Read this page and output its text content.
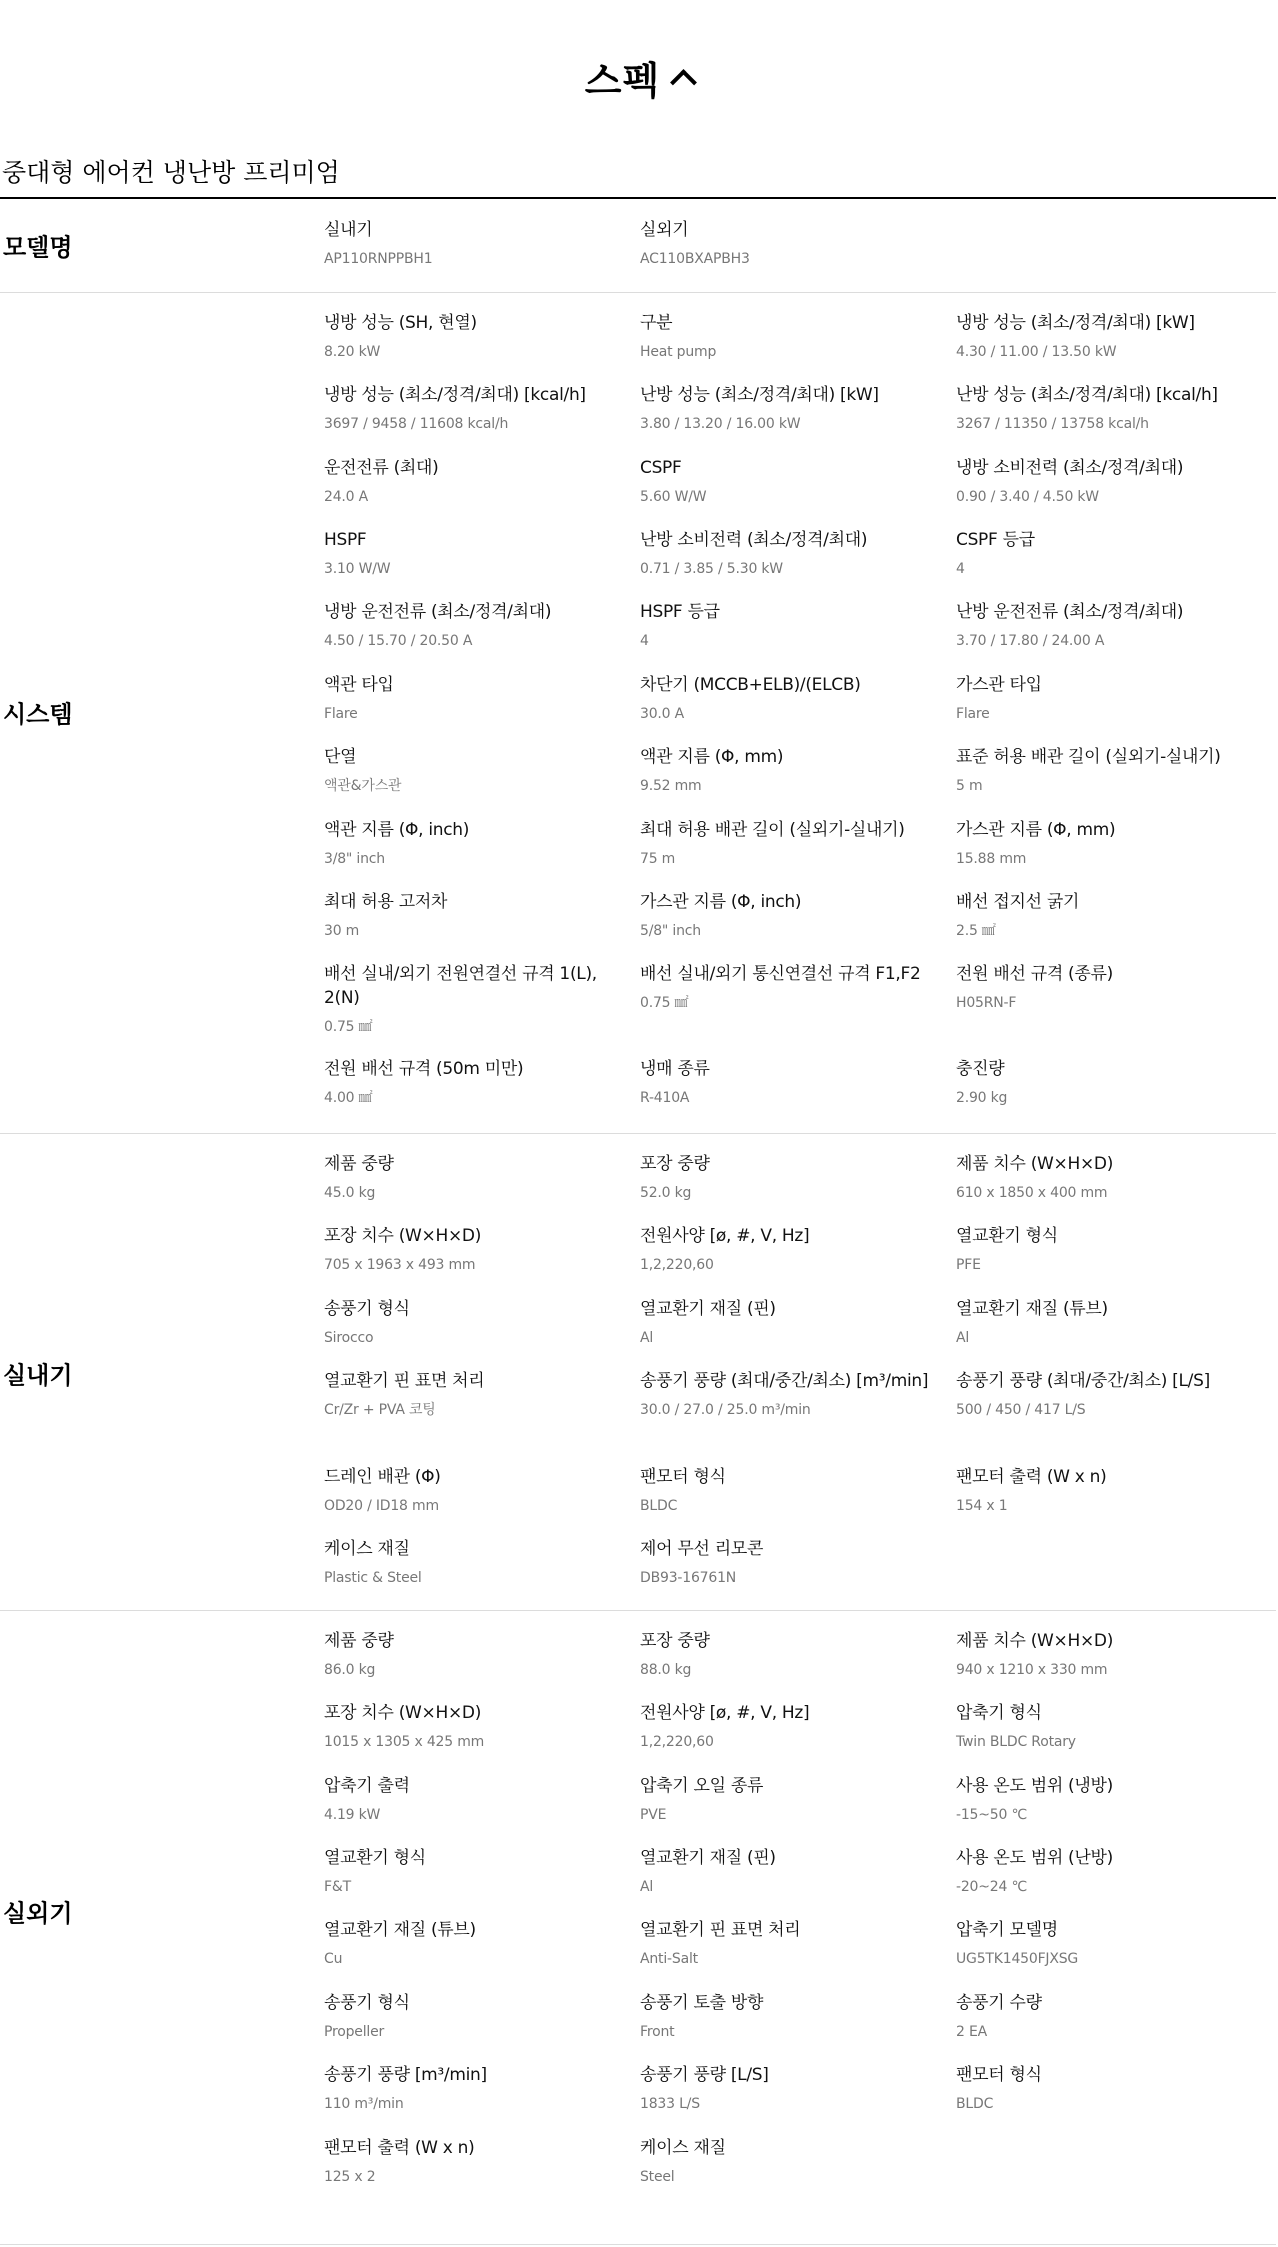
스펙
중대형 에어컨 냉난방 프리미엄
모델명
실내기
AP110RNPPBH1
실외기
AC110BXAPBH3
시스템
냉방 성능 (SH, 현열)
8.20 kW
구분
Heat pump
냉방 성능 (최소/정격/최대) [kW]
4.30 / 11.00 / 13.50 kW
냉방 성능 (최소/정격/최대) [kcal/h]
3697 / 9458 / 11608 kcal/h
난방 성능 (최소/정격/최대) [kW]
3.80 / 13.20 / 16.00 kW
난방 성능 (최소/정격/최대) [kcal/h]
3267 / 11350 / 13758 kcal/h
운전전류 (최대)
24.0 A
CSPF
5.60 W/W
냉방 소비전력 (최소/정격/최대)
0.90 / 3.40 / 4.50 kW
HSPF
3.10 W/W
난방 소비전력 (최소/정격/최대)
0.71 / 3.85 / 5.30 kW
CSPF 등급
4
냉방 운전전류 (최소/정격/최대)
4.50 / 15.70 / 20.50 A
HSPF 등급
4
난방 운전전류 (최소/정격/최대)
3.70 / 17.80 / 24.00 A
액관 타입
Flare
차단기 (MCCB+ELB)/(ELCB)
30.0 A
가스관 타입
Flare
단열
액관&가스관
액관 지름 (Φ, mm)
9.52 mm
표준 허용 배관 길이 (실외기-실내기)
5 m
액관 지름 (Φ, inch)
3/8" inch
최대 허용 배관 길이 (실외기-실내기)
75 m
가스관 지름 (Φ, mm)
15.88 mm
최대 허용 고저차
30 m
가스관 지름 (Φ, inch)
5/8" inch
배선 접지선 굵기
2.5 ㎟
배선 실내/외기 전원연결선 규격 1(L), 2(N)
0.75 ㎟
배선 실내/외기 통신연결선 규격 F1,F2
0.75 ㎟
전원 배선 규격 (종류)
H05RN-F
전원 배선 규격 (50m 미만)
4.00 ㎟
냉매 종류
R-410A
충진량
2.90 kg
실내기
제품 중량
45.0 kg
포장 중량
52.0 kg
제품 치수 (W×H×D)
610 x 1850 x 400 mm
포장 치수 (W×H×D)
705 x 1963 x 493 mm
전원사양 [ø, #, V, Hz]
1,2,220,60
열교환기 형식
PFE
송풍기 형식
Sirocco
열교환기 재질 (핀)
Al
열교환기 재질 (튜브)
Al
열교환기 핀 표면 처리
Cr/Zr + PVA 코팅
송풍기 풍량 (최대/중간/최소) [m³/min]
30.0 / 27.0 / 25.0 m³/min
송풍기 풍량 (최대/중간/최소) [L/S]
500 / 450 / 417 L/S
드레인 배관 (Φ)
OD20 / ID18 mm
팬모터 형식
BLDC
팬모터 출력 (W x n)
154 x 1
케이스 재질
Plastic & Steel
제어 무선 리모콘
DB93-16761N
실외기
제품 중량
86.0 kg
포장 중량
88.0 kg
제품 치수 (W×H×D)
940 x 1210 x 330 mm
포장 치수 (W×H×D)
1015 x 1305 x 425 mm
전원사양 [ø, #, V, Hz]
1,2,220,60
압축기 형식
Twin BLDC Rotary
압축기 출력
4.19 kW
압축기 오일 종류
PVE
사용 온도 범위 (냉방)
-15~50 ℃
열교환기 형식
F&T
열교환기 재질 (핀)
Al
사용 온도 범위 (난방)
-20~24 ℃
열교환기 재질 (튜브)
Cu
열교환기 핀 표면 처리
Anti-Salt
압축기 모델명
UG5TK1450FJXSG
송풍기 형식
Propeller
송풍기 토출 방향
Front
송풍기 수량
2 EA
송풍기 풍량 [m³/min]
110 m³/min
송풍기 풍량 [L/S]
1833 L/S
팬모터 형식
BLDC
팬모터 출력 (W x n)
125 x 2
케이스 재질
Steel
